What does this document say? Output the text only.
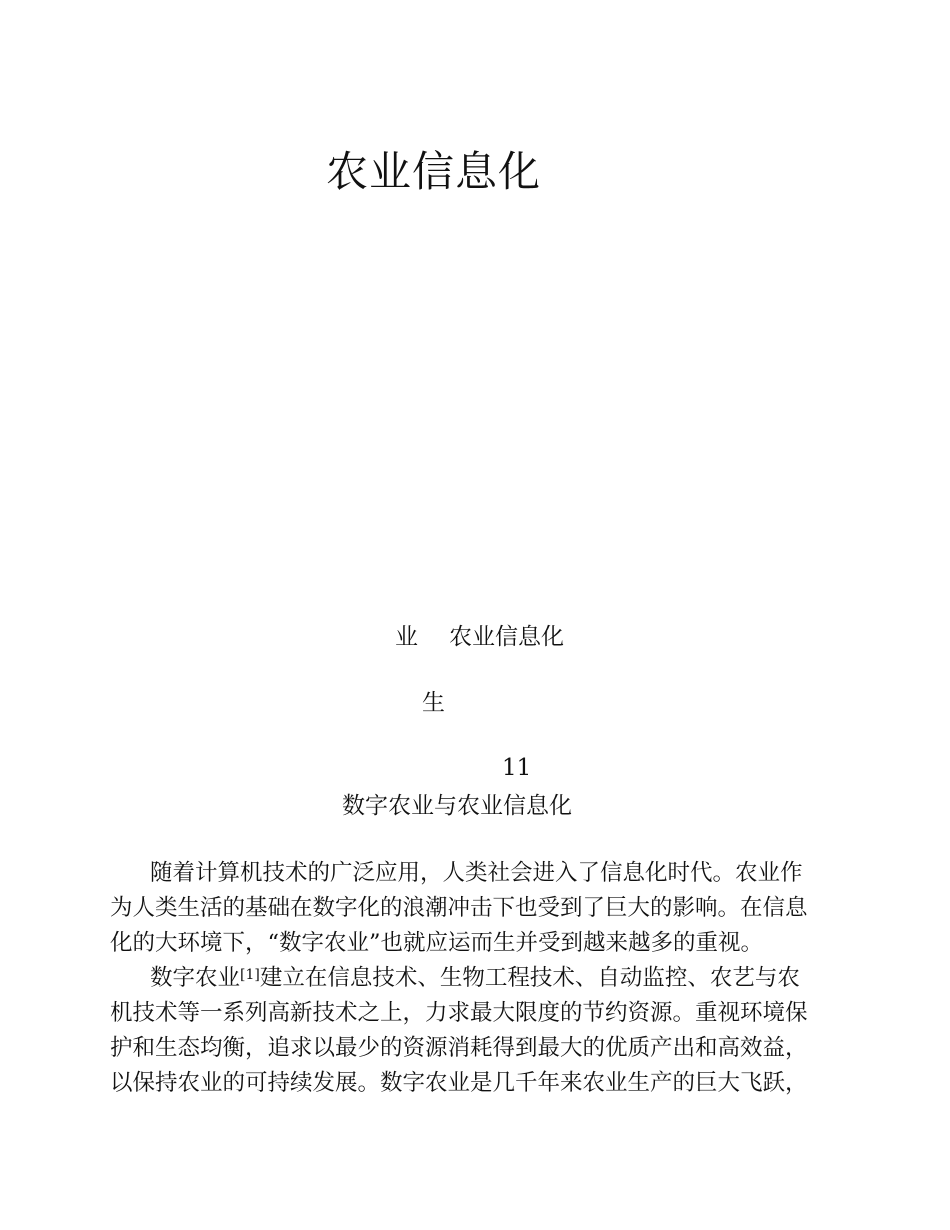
农业信息化
业 农业信息化
生
11
数字农业与农业信息化
随着计算机技术的广泛应用，人类社会进入了信息化时代。农业作
为人类生活的基础在数字化的浪潮冲击下也受到了巨大的影响。在信息
化的大环境下，“数字农业”也就应运而生并受到越来越多的重视。
数字农业[1]建立在信息技术、生物工程技术、自动监控、农艺与农
机技术等一系列高新技术之上，力求最大限度的节约资源。重视环境保
护和生态均衡，追求以最少的资源消耗得到最大的优质产出和高效益，
以保持农业的可持续发展。数字农业是几千年来农业生产的巨大飞跃，
